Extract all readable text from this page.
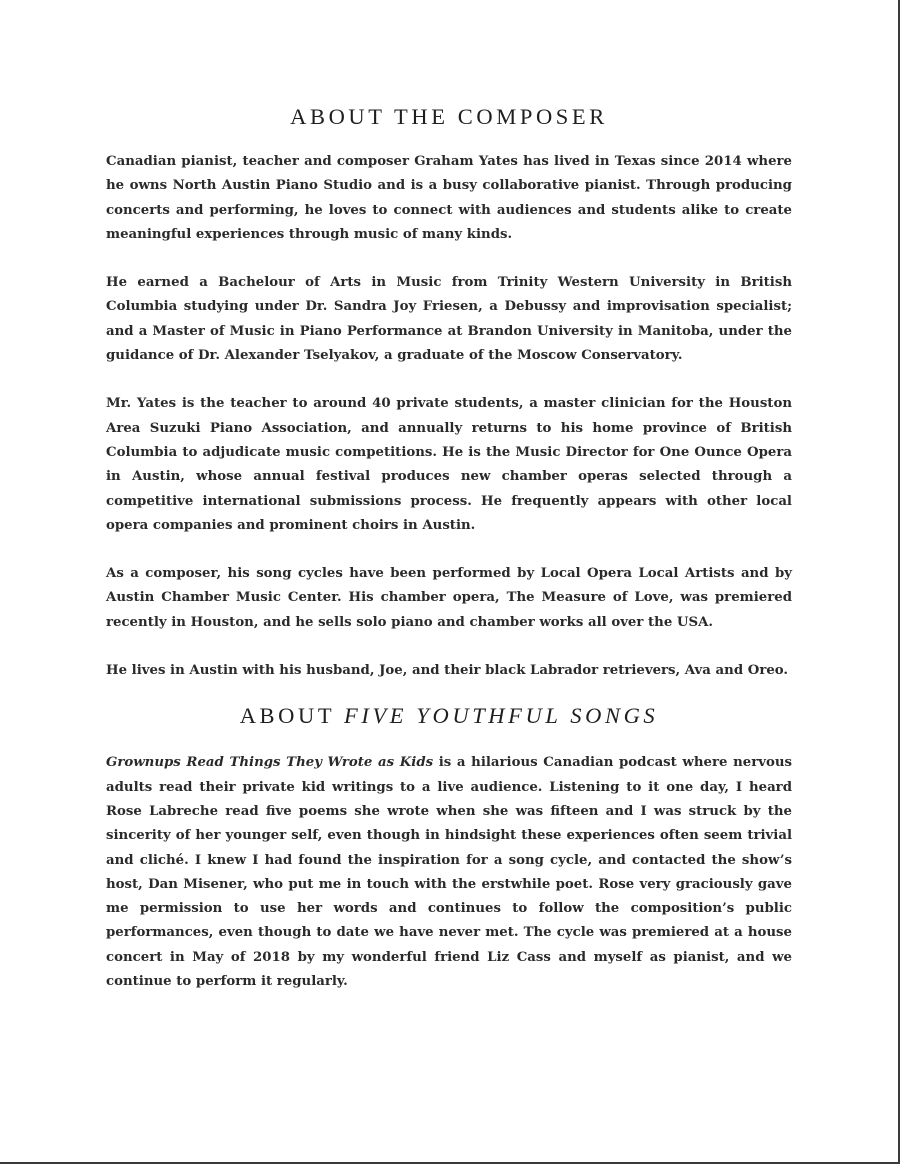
ABOUT THE COMPOSER

Canadian pianist, teacher and composer Graham Yates has lived in Texas since 2014 where he owns North Austin Piano Studio and is a busy collaborative pianist. Through producing concerts and performing, he loves to connect with audiences and students alike to create meaningful experiences through music of many kinds.

He earned a Bachelour of Arts in Music from Trinity Western University in British Columbia studying under Dr. Sandra Joy Friesen, a Debussy and improvisation specialist; and a Master of Music in Piano Performance at Brandon University in Manitoba, under the guidance of Dr. Alexander Tselyakov, a graduate of the Moscow Conservatory.

Mr. Yates is the teacher to around 40 private students, a master clinician for the Houston Area Suzuki Piano Association, and annually returns to his home province of British Columbia to adjudicate music competitions. He is the Music Director for One Ounce Opera in Austin, whose annual festival produces new chamber operas selected through a competitive international submissions process. He frequently appears with other local opera companies and prominent choirs in Austin.

As a composer, his song cycles have been performed by Local Opera Local Artists and by Austin Chamber Music Center. His chamber opera, The Measure of Love, was premiered recently in Houston, and he sells solo piano and chamber works all over the USA.

He lives in Austin with his husband, Joe, and their black Labrador retrievers, Ava and Oreo.

ABOUT FIVE YOUTHFUL SONGS

Grownups Read Things They Wrote as Kids is a hilarious Canadian podcast where nervous adults read their private kid writings to a live audience. Listening to it one day, I heard Rose Labreche read five poems she wrote when she was fifteen and I was struck by the sincerity of her younger self, even though in hindsight these experiences often seem trivial and cliché. I knew I had found the inspiration for a song cycle, and contacted the show’s host, Dan Misener, who put me in touch with the erstwhile poet. Rose very graciously gave me permission to use her words and continues to follow the composition’s public performances, even though to date we have never met. The cycle was premiered at a house concert in May of 2018 by my wonderful friend Liz Cass and myself as pianist, and we continue to perform it regularly.
